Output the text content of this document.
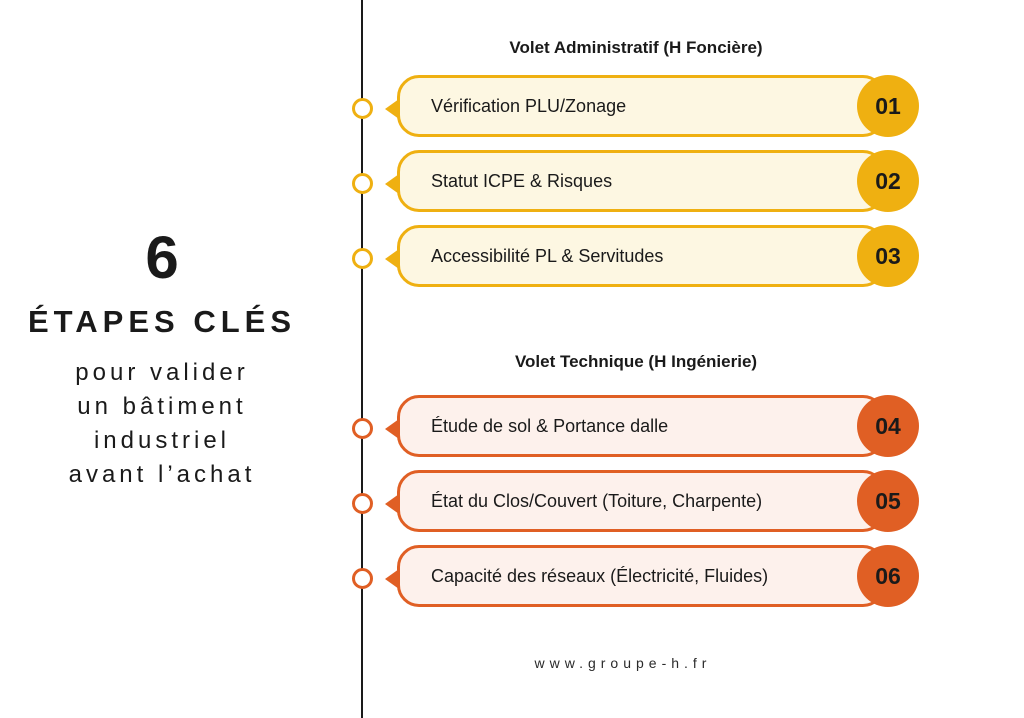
6
ÉTAPES CLÉS
pour valider
un bâtiment
industriel
avant l’achat
Volet Administratif (H Foncière)
Vérification PLU/Zonage	01
Statut ICPE & Risques	02
Accessibilité PL & Servitudes	03
Volet Technique (H Ingénierie)
Étude de sol & Portance dalle	04
État du Clos/Couvert (Toiture, Charpente)	05
Capacité des réseaux (Électricité, Fluides)	06
www.groupe-h.fr
